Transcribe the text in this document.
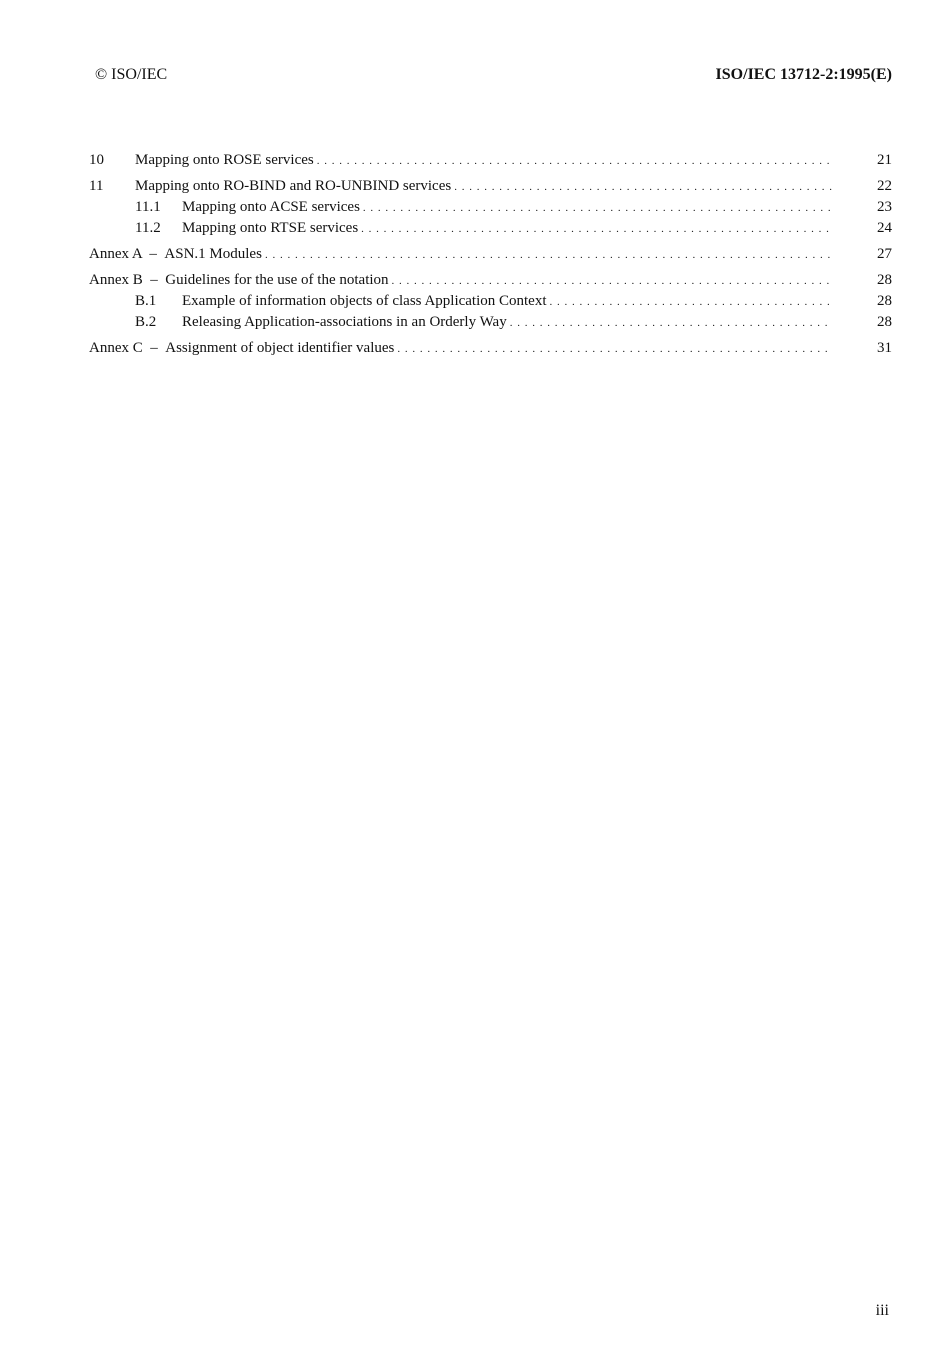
© ISO/IEC	ISO/IEC 13712-2:1995(E)
10	Mapping onto ROSE services . . .	21
11	Mapping onto RO-BIND and RO-UNBIND services . . .	22
11.1	Mapping onto ACSE services . . .	23
11.2	Mapping onto RTSE services . . .	24
Annex A  – ASN.1 Modules . . .	27
Annex B  – Guidelines for the use of the notation . . .	28
B.1	Example of information objects of class Application Context . . .	28
B.2	Releasing Application-associations in an Orderly Way . . .	28
Annex C  – Assignment of object identifier values . . .	31
iii
